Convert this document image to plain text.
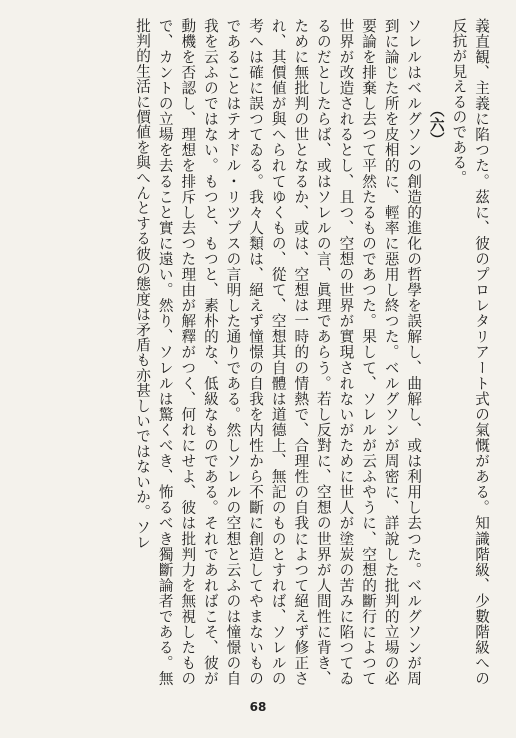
義直観、主義に陷つた。茲に、彼のプロレタリアート式の氣慨がある。知識階級、少數階級への反抗が見えるのである。
（六）
ソレルはベルグソンの創造的進化の哲學を誤解し、曲解し、或は利用し去つた。ベルグソンが周到に論じた所を皮相的に、輕率に惡用し終つた。ベルグソンが周密に、詳說した批判的立場の必要論を排棄し去つて平然たるものであつた。果して、ソレルが云ふやうに、空想的斷行によつて世界が改造されるとし、且つ、空想の世界が實現されないがために世人が塗炭の苦みに陷つてゐるのだとしたらば、或はソレルの言、眞理であらう。若し反對に、空想の世界が人間性に背き、ために無批判の世となるか、或は、空想は一時的の情熱で、合理性の自我によつて絕えず修正され、其價値が與へられてゆくもの、從て、空想其自體は道德上、無記のものとすれば、ソレルの考へは確に誤つてゐる。我々人類は、絕えず憧憬の自我を内性から不斷に創造してやまないものであることはテオドル・リツプスの言明した通りである。然しソレルの空想と云ふのは憧憬の自我を云ふのではない。もつと、もつと、素朴的な、低級なものである。それであればこそ、彼が動機を否認し、理想を排斥し去つた理由が解釋がつく、何れにせよ、彼は批判力を無視したもので、カントの立場を去ること實に遠い。然り、ソレルは驚くべき、怖るべき獨斷論者である。無批判的生活に價値を與へんとする彼の態度は矛盾も亦甚しいではないか。ソレ
68
